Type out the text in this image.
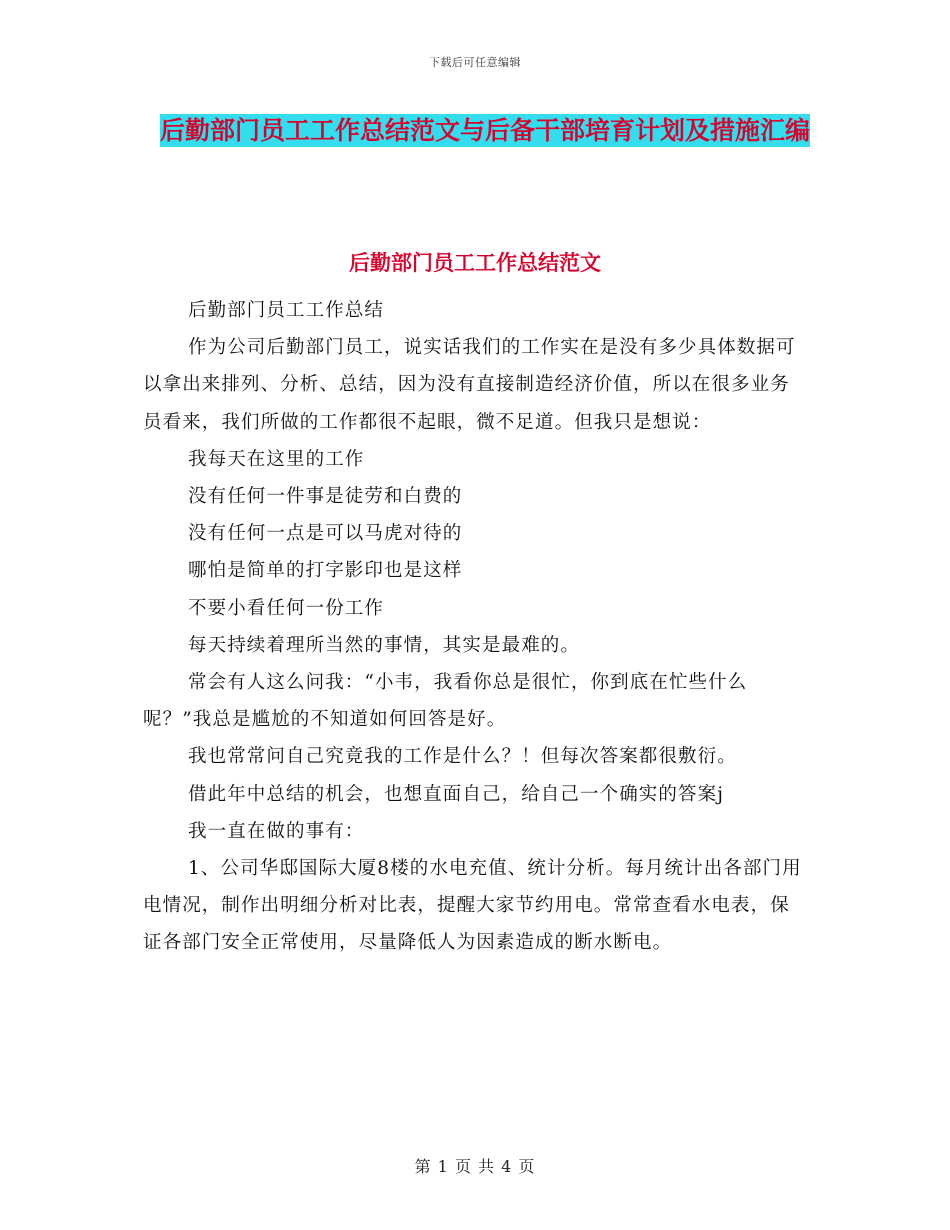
下载后可任意编辑
后勤部门员工工作总结范文与后备干部培育计划及措施汇编
后勤部门员工工作总结范文

后勤部门员工工作总结

作为公司后勤部门员工，说实话我们的工作实在是没有多少具体数据可以拿出来排列、分析、总结，因为没有直接制造经济价值，所以在很多业务员看来，我们所做的工作都很不起眼，微不足道。但我只是想说：

我每天在这里的工作

没有任何一件事是徒劳和白费的

没有任何一点是可以马虎对待的

哪怕是简单的打字影印也是这样

不要小看任何一份工作

每天持续着理所当然的事情，其实是最难的。

常会有人这么问我：“小韦，我看你总是很忙，你到底在忙些什么呢？”我总是尴尬的不知道如何回答是好。

我也常常问自己究竟我的工作是什么？！但每次答案都很敷衍。

借此年中总结的机会，也想直面自己，给自己一个确实的答案j

我一直在做的事有：

1、公司华邸国际大厦8楼的水电充值、统计分析。每月统计出各部门用电情况，制作出明细分析对比表，提醒大家节约用电。常常查看水电表，保证各部门安全正常使用，尽量降低人为因素造成的断水断电。

第 1 页 共 4 页
